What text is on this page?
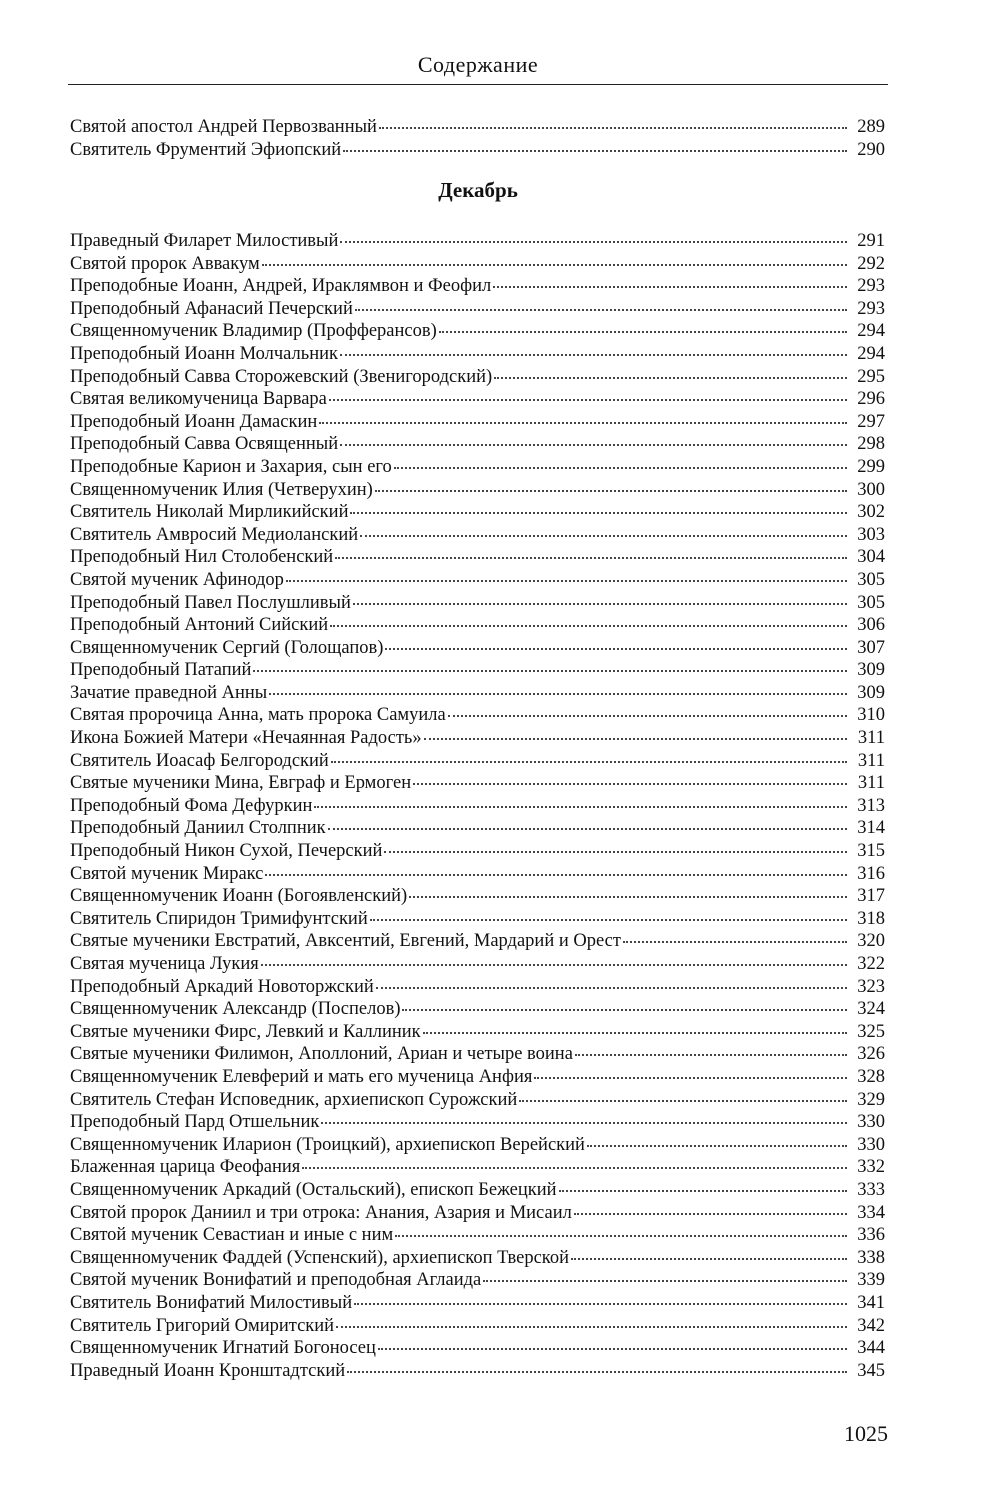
Содержание
Святой апостол Андрей Первозванный	289
Святитель Фрументий Эфиопский	290
Декабрь
Праведный Филарет Милостивый	291
Святой пророк Аввакум	292
Преподобные Иоанн, Андрей, Ираклямвон и Феофил	293
Преподобный Афанасий Печерский	293
Священномученик Владимир (Профферансов)	294
Преподобный Иоанн Молчальник	294
Преподобный Савва Сторожевский (Звенигородский)	295
Святая великомученица Варвара	296
Преподобный Иоанн Дамаскин	297
Преподобный Савва Освященный	298
Преподобные Карион и Захария, сын его	299
Священномученик Илия (Четверухин)	300
Святитель Николай Мирликийский	302
Святитель Амвросий Медиоланский	303
Преподобный Нил Столобенский	304
Святой мученик Афинодор	305
Преподобный Павел Послушливый	305
Преподобный Антоний Сийский	306
Священномученик Сергий (Голощапов)	307
Преподобный Патапий	309
Зачатие праведной Анны	309
Святая пророчица Анна, мать пророка Самуила	310
Икона Божией Матери «Нечаянная Радость»	311
Святитель Иоасаф Белгородский	311
Святые мученики Мина, Евграф и Ермоген	311
Преподобный Фома Дефуркин	313
Преподобный Даниил Столпник	314
Преподобный Никон Сухой, Печерский	315
Святой мученик Миракс	316
Священномученик Иоанн (Богоявленский)	317
Святитель Спиридон Тримифунтский	318
Святые мученики Евстратий, Авксентий, Евгений, Мардарий и Орест	320
Святая мученица Лукия	322
Преподобный Аркадий Новоторжский	323
Священномученик Александр (Поспелов)	324
Святые мученики Фирс, Левкий и Каллиник	325
Святые мученики Филимон, Аполлоний, Ариан и четыре воина	326
Священномученик Елевферий и мать его мученица Анфия	328
Святитель Стефан Исповедник, архиепископ Сурожский	329
Преподобный Пард Отшельник	330
Священномученик Иларион (Троицкий), архиепископ Верейский	330
Блаженная царица Феофания	332
Священномученик Аркадий (Остальский), епископ Бежецкий	333
Святой пророк Даниил и три отрока: Анания, Азария и Мисаил	334
Святой мученик Севастиан и иные с ним	336
Священномученик Фаддей (Успенский), архиепископ Тверской	338
Святой мученик Вонифатий и преподобная Аглаида	339
Святитель Вонифатий Милостивый	341
Святитель Григорий Омиритский	342
Священномученик Игнатий Богоносец	344
Праведный Иоанн Кронштадтский	345
1025
